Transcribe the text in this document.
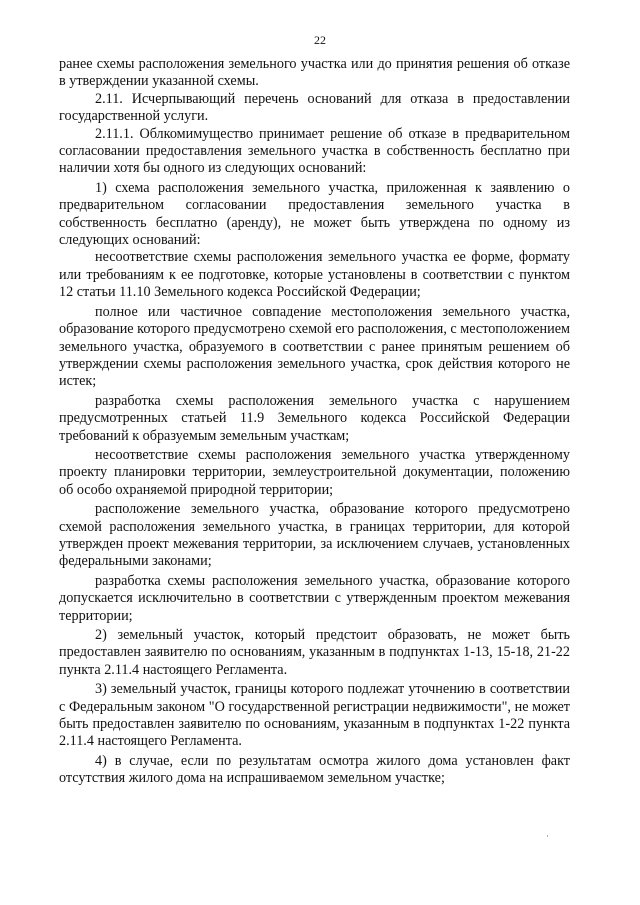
22

ранее схемы расположения земельного участка или до принятия решения об отказе в утверждении указанной схемы.

2.11. Исчерпывающий перечень оснований для отказа в предоставлении государственной услуги.

2.11.1. Облкомимущество принимает решение об отказе в предварительном согласовании предоставления земельного участка в собственность бесплатно при наличии хотя бы одного из следующих оснований:

1) схема расположения земельного участка, приложенная к заявлению о предварительном согласовании предоставления земельного участка в собственность бесплатно (аренду), не может быть утверждена по одному из следующих оснований:

несоответствие схемы расположения земельного участка ее форме, формату или требованиям к ее подготовке, которые установлены в соответствии с пунктом 12 статьи 11.10 Земельного кодекса Российской Федерации;

полное или частичное совпадение местоположения земельного участка, образование которого предусмотрено схемой его расположения, с местоположением земельного участка, образуемого в соответствии с ранее принятым решением об утверждении схемы расположения земельного участка, срок действия которого не истек;

разработка схемы расположения земельного участка с нарушением предусмотренных статьей 11.9 Земельного кодекса Российской Федерации требований к образуемым земельным участкам;

несоответствие схемы расположения земельного участка утвержденному проекту планировки территории, землеустроительной документации, положению об особо охраняемой природной территории;

расположение земельного участка, образование которого предусмотрено схемой расположения земельного участка, в границах территории, для которой утвержден проект межевания территории, за исключением случаев, установленных федеральными законами;

разработка схемы расположения земельного участка, образование которого допускается исключительно в соответствии с утвержденным проектом межевания территории;

2) земельный участок, который предстоит образовать, не может быть предоставлен заявителю по основаниям, указанным в подпунктах 1-13, 15-18, 21-22 пункта 2.11.4 настоящего Регламента.

3) земельный участок, границы которого подлежат уточнению в соответствии с Федеральным законом "О государственной регистрации недвижимости", не может быть предоставлен заявителю по основаниям, указанным в подпунктах 1-22 пункта 2.11.4 настоящего Регламента.

4) в случае, если по результатам осмотра жилого дома установлен факт отсутствия жилого дома на испрашиваемом земельном участке;

·
